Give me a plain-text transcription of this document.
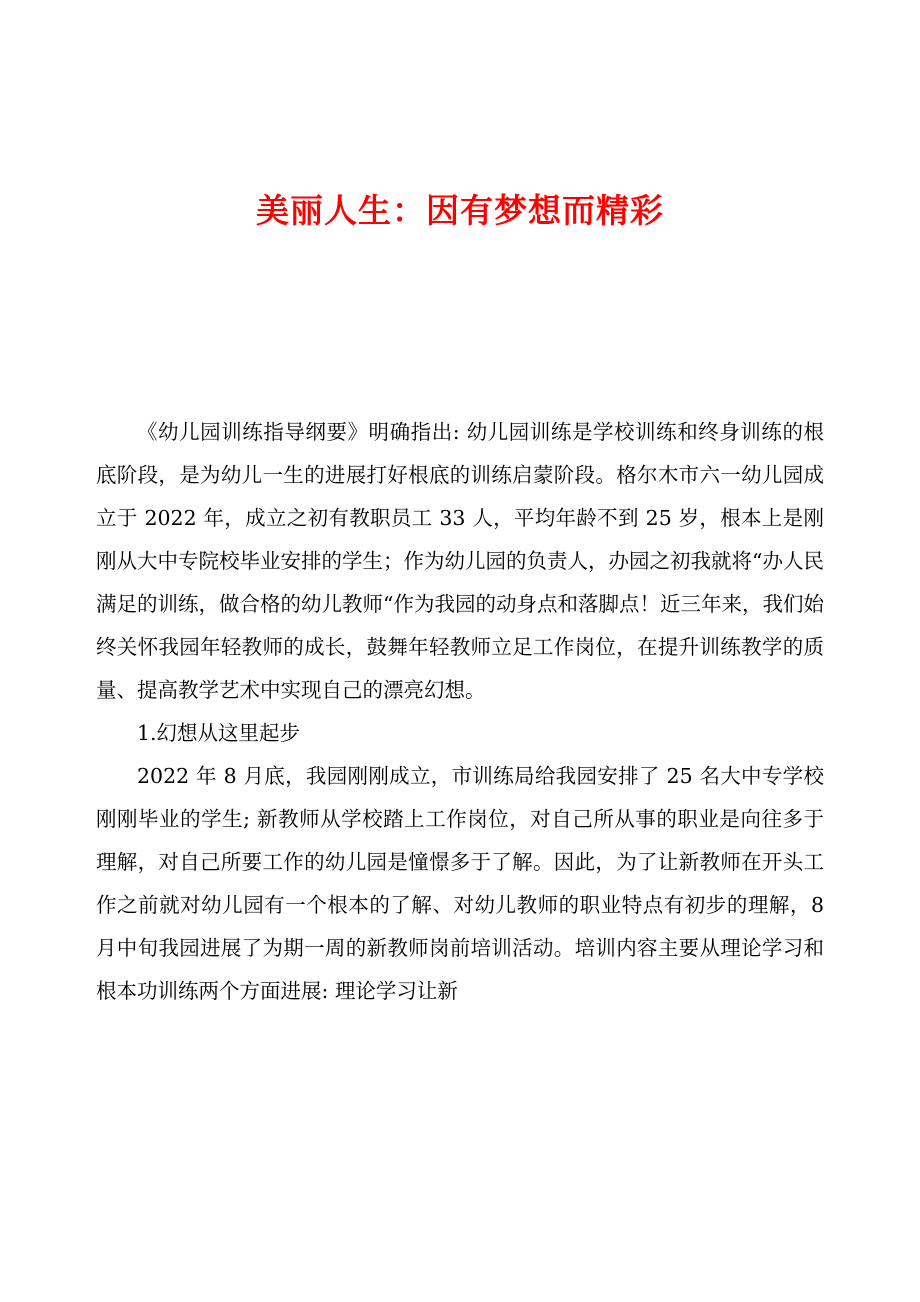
美丽人生：因有梦想而精彩

《幼儿园训练指导纲要》明确指出: 幼儿园训练是学校训练和终身训练的根底阶段，是为幼儿一生的进展打好根底的训练启蒙阶段。格尔木市六一幼儿园成立于 2022 年，成立之初有教职员工 33 人，平均年龄不到 25 岁，根本上是刚刚从大中专院校毕业安排的学生；作为幼儿园的负责人，办园之初我就将“办人民满足的训练，做合格的幼儿教师“作为我园的动身点和落脚点！近三年来，我们始终关怀我园年轻教师的成长，鼓舞年轻教师立足工作岗位，在提升训练教学的质量、提高教学艺术中实现自己的漂亮幻想。

1.幻想从这里起步

2022 年 8 月底，我园刚刚成立，市训练局给我园安排了 25 名大中专学校刚刚毕业的学生; 新教师从学校踏上工作岗位，对自己所从事的职业是向往多于理解，对自己所要工作的幼儿园是憧憬多于了解。因此，为了让新教师在开头工作之前就对幼儿园有一个根本的了解、对幼儿教师的职业特点有初步的理解，8 月中旬我园进展了为期一周的新教师岗前培训活动。培训内容主要从理论学习和根本功训练两个方面进展: 理论学习让新
